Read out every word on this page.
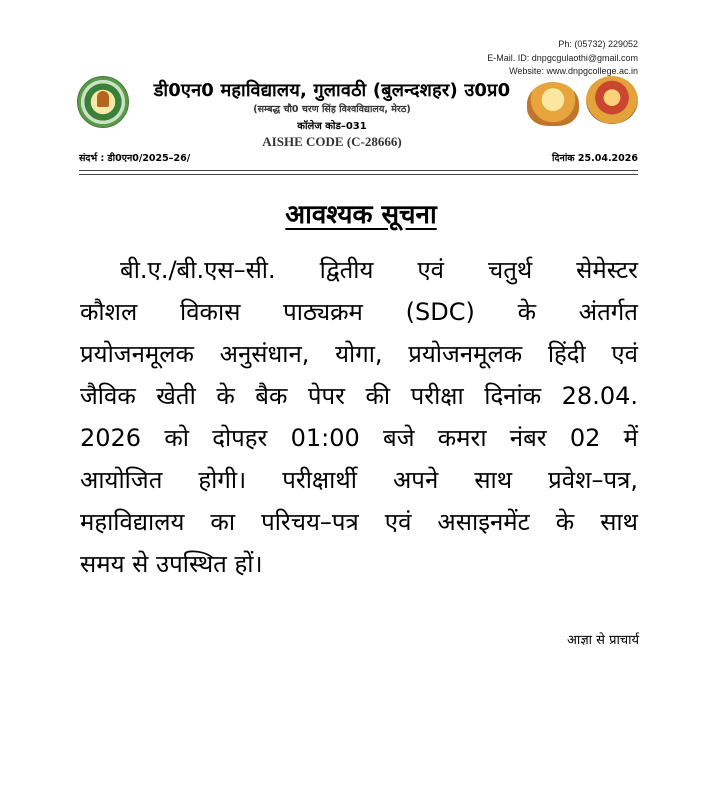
Ph: (05732) 229052
E-Mail. ID: dnpgcgulaothi@gmail.com
Website: www.dnpgcollege.ac.in
डी0एन0 महाविद्यालय, गुलावठी (बुलन्दशहर) उ0प्र0
(सम्बद्ध चौ0 चरण सिंह विश्वविद्यालय, मेरठ)
कॉलेज कोड–031
AISHE CODE (C-28666)
संदर्भ : डी0एन0/2025–26/	दिनांक 25.04.2026
आवश्यक सूचना
बी.ए./बी.एस–सी. द्वितीय एवं चतुर्थ सेमेस्टर
कौशल विकास पाठ्यक्रम (SDC) के अंतर्गत
प्रयोजनमूलक अनुसंधान, योगा, प्रयोजनमूलक हिंदी एवं
जैविक खेती के बैक पेपर की परीक्षा दिनांक 28.04.
2026 को दोपहर 01:00 बजे कमरा नंबर 02 में
आयोजित होगी। परीक्षार्थी अपने साथ प्रवेश–पत्र,
महाविद्यालय का परिचय–पत्र एवं असाइनमेंट के साथ
समय से उपस्थित हों।
आज्ञा से प्राचार्य
